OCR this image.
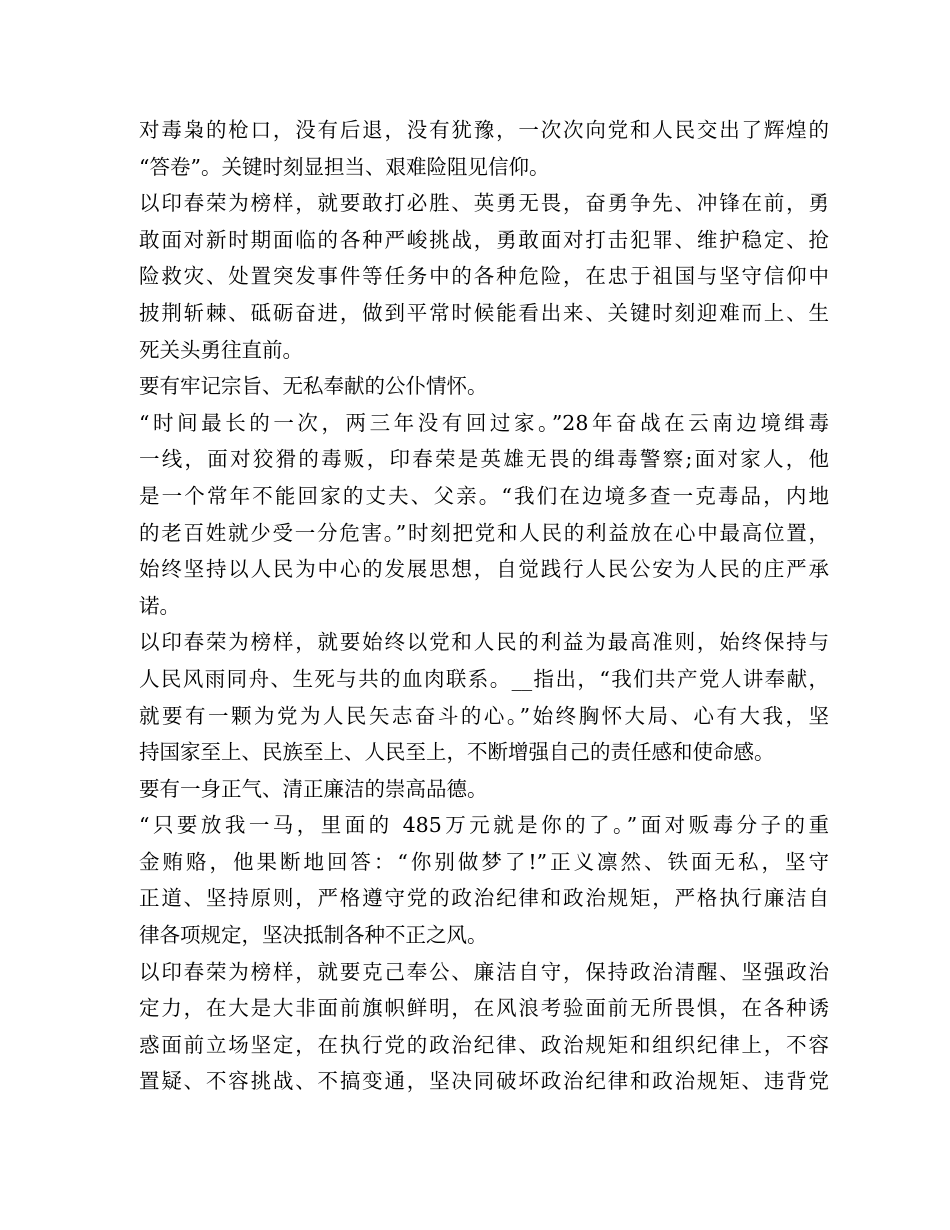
对毒枭的枪口，没有后退，没有犹豫，一次次向党和人民交出了辉煌的
“答卷”。关键时刻显担当、艰难险阻见信仰。
以印春荣为榜样，就要敢打必胜、英勇无畏，奋勇争先、冲锋在前，勇
敢面对新时期面临的各种严峻挑战，勇敢面对打击犯罪、维护稳定、抢
险救灾、处置突发事件等任务中的各种危险，在忠于祖国与坚守信仰中
披荆斩棘、砥砺奋进，做到平常时候能看出来、关键时刻迎难而上、生
死关头勇往直前。
要有牢记宗旨、无私奉献的公仆情怀。
“时间最长的一次，两三年没有回过家。”28年奋战在云南边境缉毒
一线，面对狡猾的毒贩，印春荣是英雄无畏的缉毒警察;面对家人，他
是一个常年不能回家的丈夫、父亲。“我们在边境多查一克毒品，内地
的老百姓就少受一分危害。”时刻把党和人民的利益放在心中最高位置，
始终坚持以人民为中心的发展思想，自觉践行人民公安为人民的庄严承
诺。
以印春荣为榜样，就要始终以党和人民的利益为最高准则，始终保持与
人民风雨同舟、生死与共的血肉联系。__指出，“我们共产党人讲奉献，
就要有一颗为党为人民矢志奋斗的心。”始终胸怀大局、心有大我，坚
持国家至上、民族至上、人民至上，不断增强自己的责任感和使命感。
要有一身正气、清正廉洁的崇高品德。
“只要放我一马，里面的 485万元就是你的了。”面对贩毒分子的重
金贿赂，他果断地回答：“你别做梦了!”正义凛然、铁面无私，坚守
正道、坚持原则，严格遵守党的政治纪律和政治规矩，严格执行廉洁自
律各项规定，坚决抵制各种不正之风。
以印春荣为榜样，就要克己奉公、廉洁自守，保持政治清醒、坚强政治
定力，在大是大非面前旗帜鲜明，在风浪考验面前无所畏惧，在各种诱
惑面前立场坚定，在执行党的政治纪律、政治规矩和组织纪律上，不容
置疑、不容挑战、不搞变通，坚决同破坏政治纪律和政治规矩、违背党
